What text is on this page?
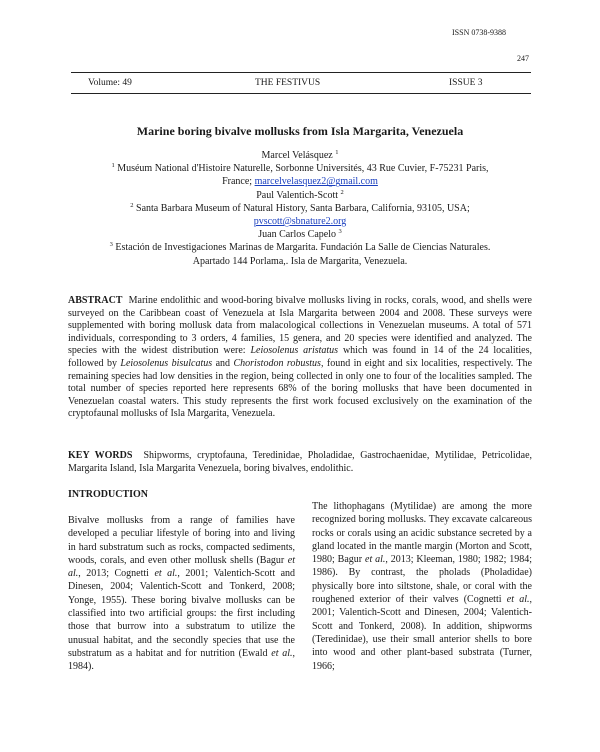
ISSN 0738-9388
247
Volume: 49	THE FESTIVUS	ISSUE 3
Marine boring bivalve mollusks from Isla Margarita, Venezuela
Marcel Velásquez $^1$
$^1$ Muséum National d'Histoire Naturelle, Sorbonne Universités, 43 Rue Cuvier, F-75231 Paris,
France; marcelvelasquez2@gmail.com
Paul Valentich-Scott $^2$
$^2$ Santa Barbara Museum of Natural History, Santa Barbara, California, 93105, USA;
pvscott@sbnature2.org
Juan Carlos Capelo $^3$
$^3$ Estación de Investigaciones Marinas de Margarita. Fundación La Salle de Ciencias Naturales.
Apartado 144 Porlama,. Isla de Margarita, Venezuela.
ABSTRACT Marine endolithic and wood-boring bivalve mollusks living in rocks, corals, wood, and shells were surveyed on the Caribbean coast of Venezuela at Isla Margarita between 2004 and 2008. These surveys were supplemented with boring mollusk data from malacological collections in Venezuelan museums. A total of 571 individuals, corresponding to 3 orders, 4 families, 15 genera, and 20 species were identified and analyzed. The species with the widest distribution were: Leiosolenus aristatus which was found in 14 of the 24 localities, followed by Leiosolenus bisulcatus and Choristodon robustus, found in eight and six localities, respectively. The remaining species had low densities in the region, being collected in only one to four of the localities sampled. The total number of species reported here represents 68% of the boring mollusks that have been documented in Venezuelan coastal waters. This study represents the first work focused exclusively on the examination of the cryptofaunal mollusks of Isla Margarita, Venezuela.
KEY WORDS Shipworms, cryptofauna, Teredinidae, Pholadidae, Gastrochaenidae, Mytilidae, Petricolidae, Margarita Island, Isla Margarita Venezuela, boring bivalves, endolithic.
INTRODUCTION

Bivalve mollusks from a range of families have developed a peculiar lifestyle of boring into and living in hard substratum such as rocks, compacted sediments, woods, corals, and even other mollusk shells (Bagur et al., 2013; Cognetti et al., 2001; Valentich-Scott and Dinesen, 2004; Valentich-Scott and Tonkerd, 2008; Yonge, 1955). These boring bivalve mollusks can be classified into two artificial groups: the first including those that burrow into a substratum to utilize the unusual habitat, and the secondly species that use the substratum as a habitat and for nutrition (Ewald et al., 1984).

The lithophagans (Mytilidae) are among the more recognized boring mollusks. They excavate calcareous rocks or corals using an acidic substance secreted by a gland located in the mantle margin (Morton and Scott, 1980; Bagur et al., 2013; Kleeman, 1980; 1982; 1984; 1986). By contrast, the pholads (Pholadidae) physically bore into siltstone, shale, or coral with the roughened exterior of their valves (Cognetti et al., 2001; Valentich-Scott and Dinesen, 2004; Valentich-Scott and Tonkerd, 2008). In addition, shipworms (Teredinidae), use their small anterior shells to bore into wood and other plant-based substrata (Turner, 1966;
